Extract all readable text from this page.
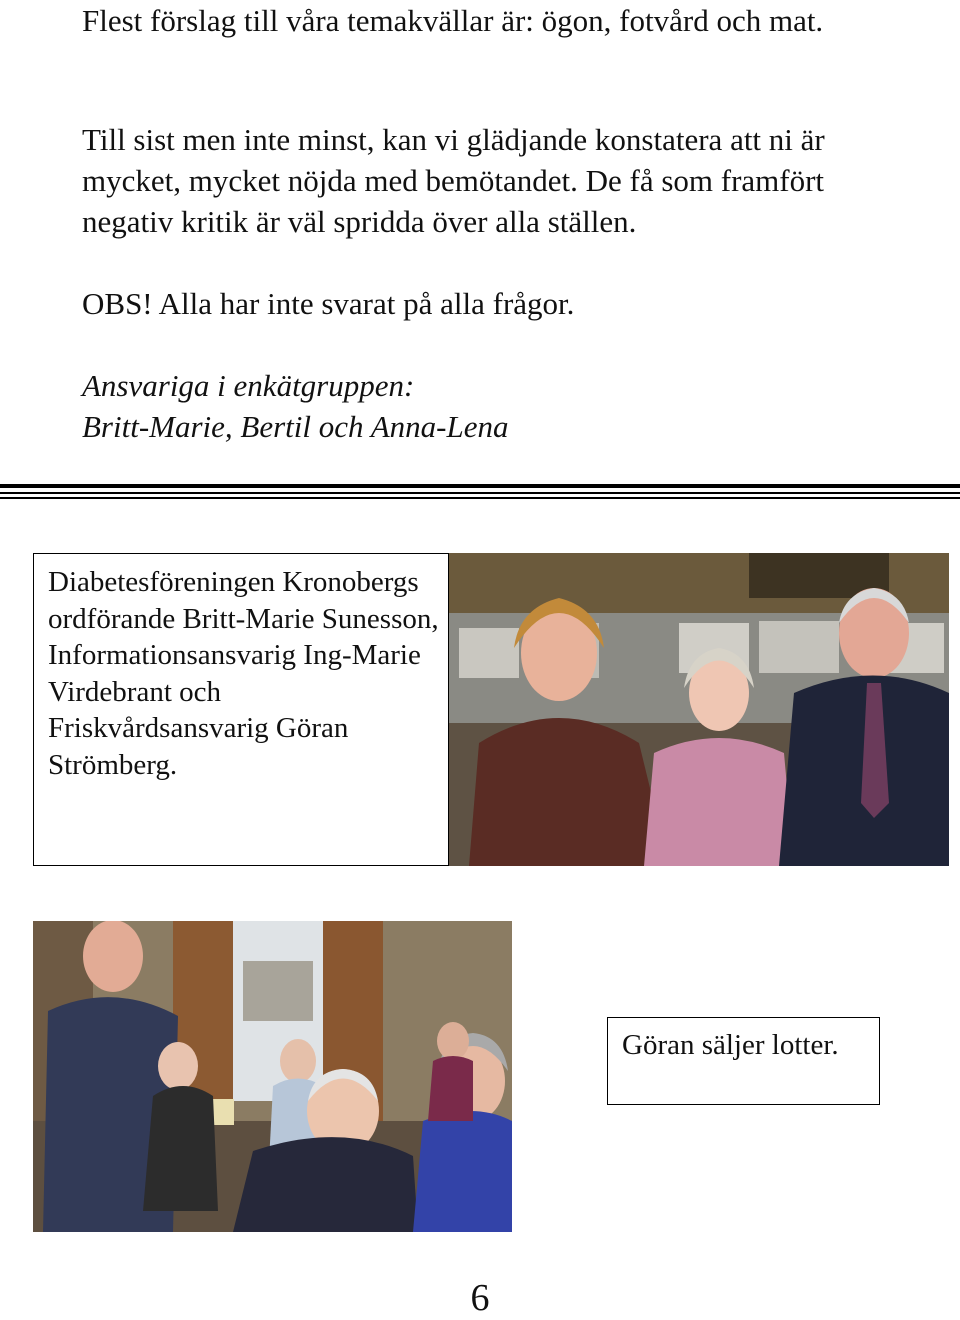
Flest förslag till våra temakvällar är: ögon, fotvård och mat.

Till sist men inte minst, kan vi glädjande konstatera att ni är mycket, mycket nöjda med bemötandet. De få som framfört negativ kritik är väl spridda över alla ställen.

OBS! Alla har inte svarat på alla frågor.

Ansvariga i enkätgruppen:

Britt-Marie, Bertil och Anna-Lena

Diabetesföreningen Kronobergs ordförande Britt-Marie Sunesson, Informationsansvarig Ing-Marie Virdebrant och Friskvårdsansvarig Göran Strömberg.

Göran säljer lotter.

6
